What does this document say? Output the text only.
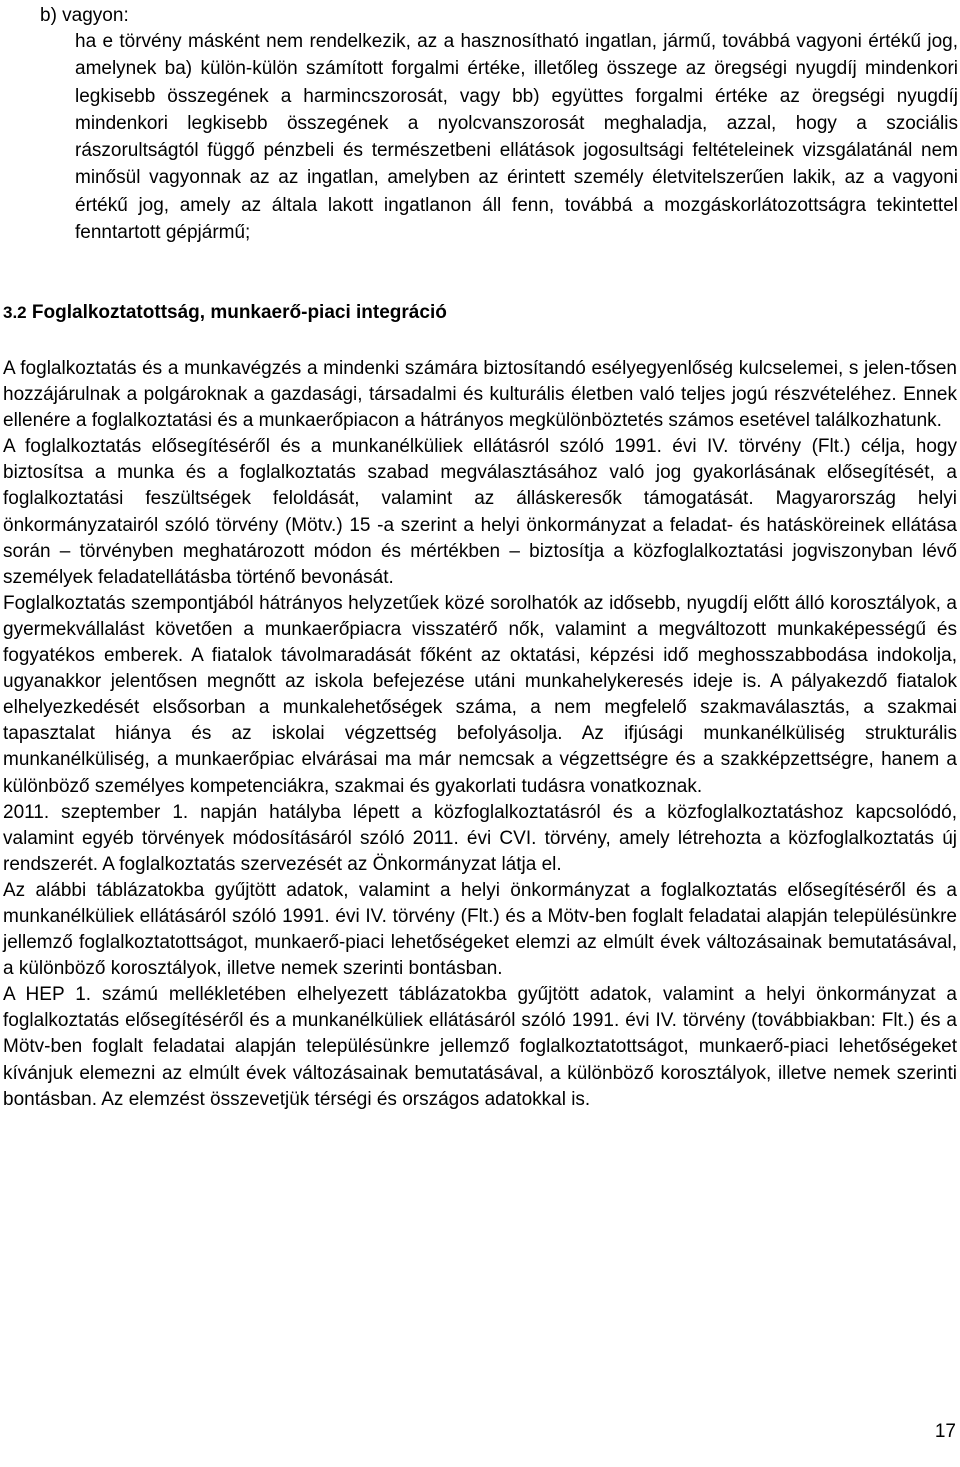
b) vagyon:
ha e törvény másként nem rendelkezik, az a hasznosítható ingatlan, jármű, továbbá vagyoni értékű jog, amelynek ba) külön-külön számított forgalmi értéke, illetőleg összege az öregségi nyugdíj mindenkori legkisebb összegének a harmincszorosát, vagy bb) együttes forgalmi értéke az öregségi nyugdíj mindenkori legkisebb összegének a nyolcvanszorosát meghaladja, azzal, hogy a szociális rászorultságtól függő pénzbeli és természetbeni ellátások jogosultsági feltételeinek vizsgálatánál nem minősül vagyonnak az az ingatlan, amelyben az érintett személy életvitelszerűen lakik, az a vagyoni értékű jog, amely az általa lakott ingatlanon áll fenn, továbbá a mozgáskorlátozottságra tekintettel fenntartott gépjármű;
3.2 Foglalkoztatottság, munkaerő-piaci integráció

A foglalkoztatás és a munkavégzés a mindenki számára biztosítandó esélyegyenlőség kulcselemei, s jelen-tősen hozzájárulnak a polgároknak a gazdasági, társadalmi és kulturális életben való teljes jogú részvételéhez. Ennek ellenére a foglalkoztatási és a munkaerőpiacon a hátrányos megkülönböztetés számos esetével találkozhatunk.

A foglalkoztatás elősegítéséről és a munkanélküliek ellátásról szóló 1991. évi IV. törvény (Flt.) célja, hogy biztosítsa a munka és a foglalkoztatás szabad megválasztásához való jog gyakorlásának elősegítését, a foglalkoztatási feszültségek feloldását, valamint az álláskeresők támogatását. Magyarország helyi önkormányzatairól szóló törvény (Mötv.) 15 -a szerint a helyi önkormányzat a feladat- és hatásköreinek ellátása során – törvényben meghatározott módon és mértékben – biztosítja a közfoglalkoztatási jogviszonyban lévő személyek feladatellátásba történő bevonását.

Foglalkoztatás szempontjából hátrányos helyzetűek közé sorolhatók az idősebb, nyugdíj előtt álló korosztályok, a gyermekvállalást követően a munkaerőpiacra visszatérő nők, valamint a megváltozott munkaképességű és fogyatékos emberek. A fiatalok távolmaradását főként az oktatási, képzési idő meghosszabbodása indokolja, ugyanakkor jelentősen megnőtt az iskola befejezése utáni munkahelykeresés ideje is. A pályakezdő fiatalok elhelyezkedését elsősorban a munkalehetőségek száma, a nem megfelelő szakmaválasztás, a szakmai tapasztalat hiánya és az iskolai végzettség befolyásolja. Az ifjúsági munkanélküliség strukturális munkanélküliség, a munkaerőpiac elvárásai ma már nemcsak a végzettségre és a szakképzettségre, hanem a különböző személyes kompetenciákra, szakmai és gyakorlati tudásra vonatkoznak.

2011. szeptember 1. napján hatályba lépett a közfoglalkoztatásról és a közfoglalkoztatáshoz kapcsolódó, valamint egyéb törvények módosításáról szóló 2011. évi CVI. törvény, amely létrehozta a közfoglalkoztatás új rendszerét. A foglalkoztatás szervezését az Önkormányzat látja el.

Az alábbi táblázatokba gyűjtött adatok, valamint a helyi önkormányzat a foglalkoztatás elősegítéséről és a munkanélküliek ellátásáról szóló 1991. évi IV. törvény (Flt.) és a Mötv-ben foglalt feladatai alapján településünkre jellemző foglalkoztatottságot, munkaerő-piaci lehetőségeket elemzi az elmúlt évek változásainak bemutatásával, a különböző korosztályok, illetve nemek szerinti bontásban.

A HEP 1. számú mellékletében elhelyezett táblázatokba gyűjtött adatok, valamint a helyi önkormányzat a foglalkoztatás elősegítéséről és a munkanélküliek ellátásáról szóló 1991. évi IV. törvény (továbbiakban: Flt.) és a Mötv-ben foglalt feladatai alapján településünkre jellemző foglalkoztatottságot, munkaerő-piaci lehetőségeket kívánjuk elemezni az elmúlt évek változásainak bemutatásával, a különböző korosztályok, illetve nemek szerinti bontásban. Az elemzést összevetjük térségi és országos adatokkal is.

17
